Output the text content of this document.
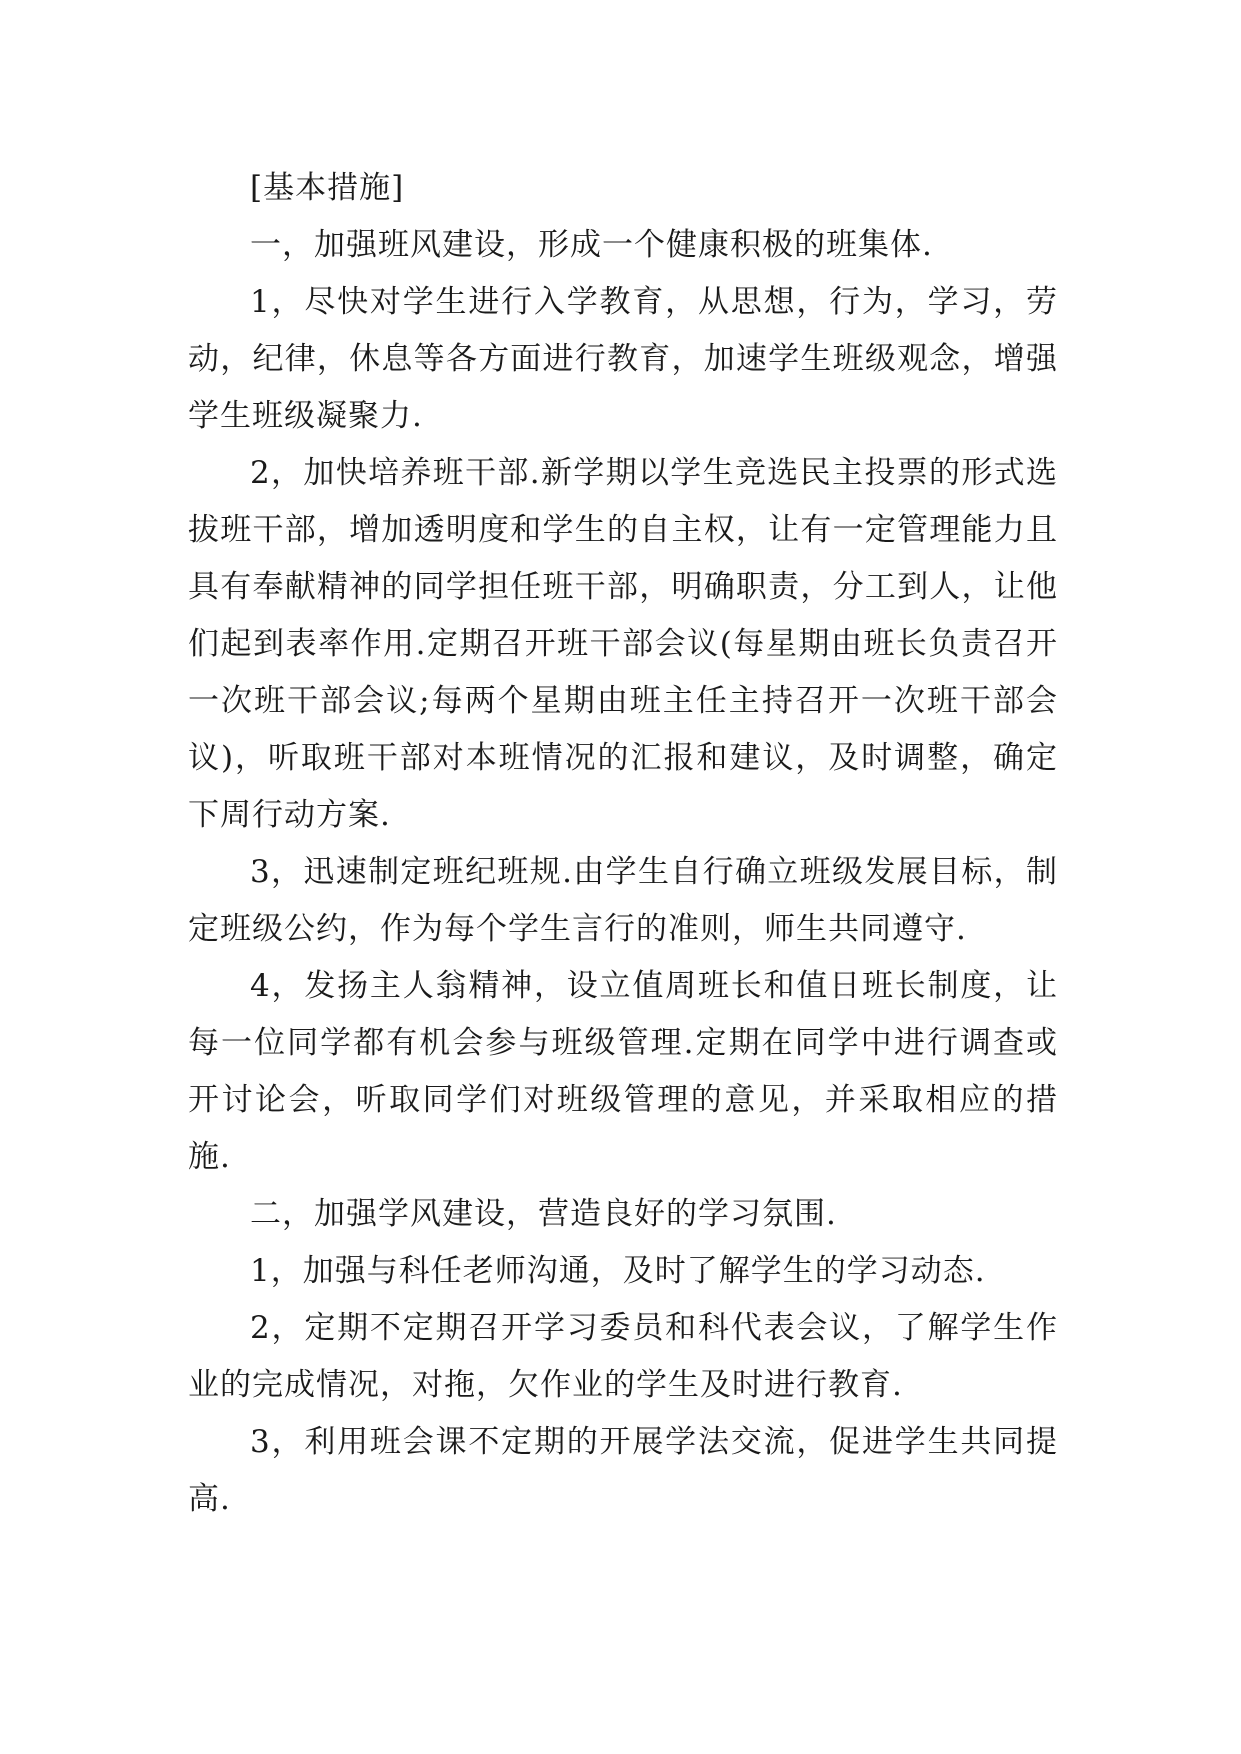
[基本措施]

一，加强班风建设，形成一个健康积极的班集体.

1，尽快对学生进行入学教育，从思想，行为，学习，劳动，纪律，休息等各方面进行教育，加速学生班级观念，增强学生班级凝聚力.

2，加快培养班干部.新学期以学生竞选民主投票的形式选拔班干部，增加透明度和学生的自主权，让有一定管理能力且具有奉献精神的同学担任班干部，明确职责，分工到人，让他们起到表率作用.定期召开班干部会议(每星期由班长负责召开一次班干部会议;每两个星期由班主任主持召开一次班干部会议)，听取班干部对本班情况的汇报和建议，及时调整，确定下周行动方案.

3，迅速制定班纪班规.由学生自行确立班级发展目标，制定班级公约，作为每个学生言行的准则，师生共同遵守.

4，发扬主人翁精神，设立值周班长和值日班长制度，让每一位同学都有机会参与班级管理.定期在同学中进行调查或开讨论会，听取同学们对班级管理的意见，并采取相应的措施.

二，加强学风建设，营造良好的学习氛围.

1，加强与科任老师沟通，及时了解学生的学习动态.

2，定期不定期召开学习委员和科代表会议，了解学生作业的完成情况，对拖，欠作业的学生及时进行教育.

3，利用班会课不定期的开展学法交流，促进学生共同提高.
